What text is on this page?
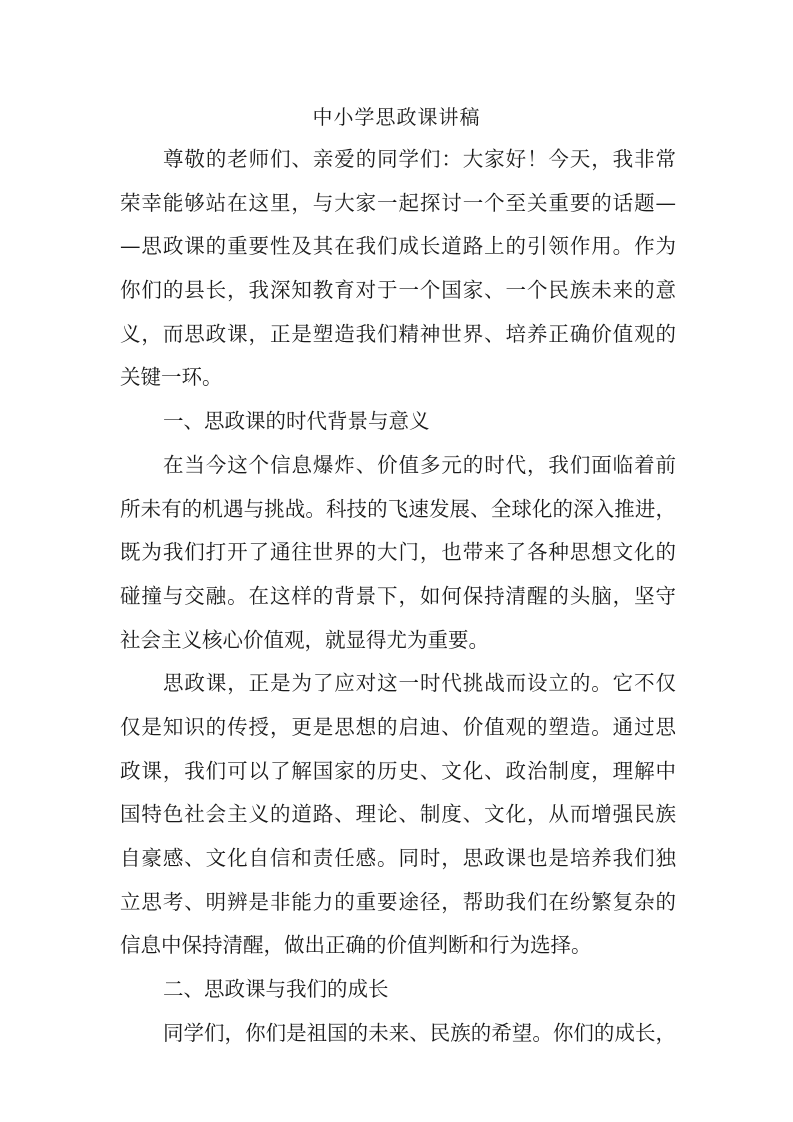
中小学思政课讲稿
尊敬的老师们、亲爱的同学们：大家好！今天，我非常
荣幸能够站在这里，与大家一起探讨一个至关重要的话题—
—思政课的重要性及其在我们成长道路上的引领作用。作为
你们的县长，我深知教育对于一个国家、一个民族未来的意
义，而思政课，正是塑造我们精神世界、培养正确价值观的
关键一环。
一、思政课的时代背景与意义
在当今这个信息爆炸、价值多元的时代，我们面临着前
所未有的机遇与挑战。科技的飞速发展、全球化的深入推进，
既为我们打开了通往世界的大门，也带来了各种思想文化的
碰撞与交融。在这样的背景下，如何保持清醒的头脑，坚守
社会主义核心价值观，就显得尤为重要。
思政课，正是为了应对这一时代挑战而设立的。它不仅
仅是知识的传授，更是思想的启迪、价值观的塑造。通过思
政课，我们可以了解国家的历史、文化、政治制度，理解中
国特色社会主义的道路、理论、制度、文化，从而增强民族
自豪感、文化自信和责任感。同时，思政课也是培养我们独
立思考、明辨是非能力的重要途径，帮助我们在纷繁复杂的
信息中保持清醒，做出正确的价值判断和行为选择。
二、思政课与我们的成长
同学们，你们是祖国的未来、民族的希望。你们的成长，
